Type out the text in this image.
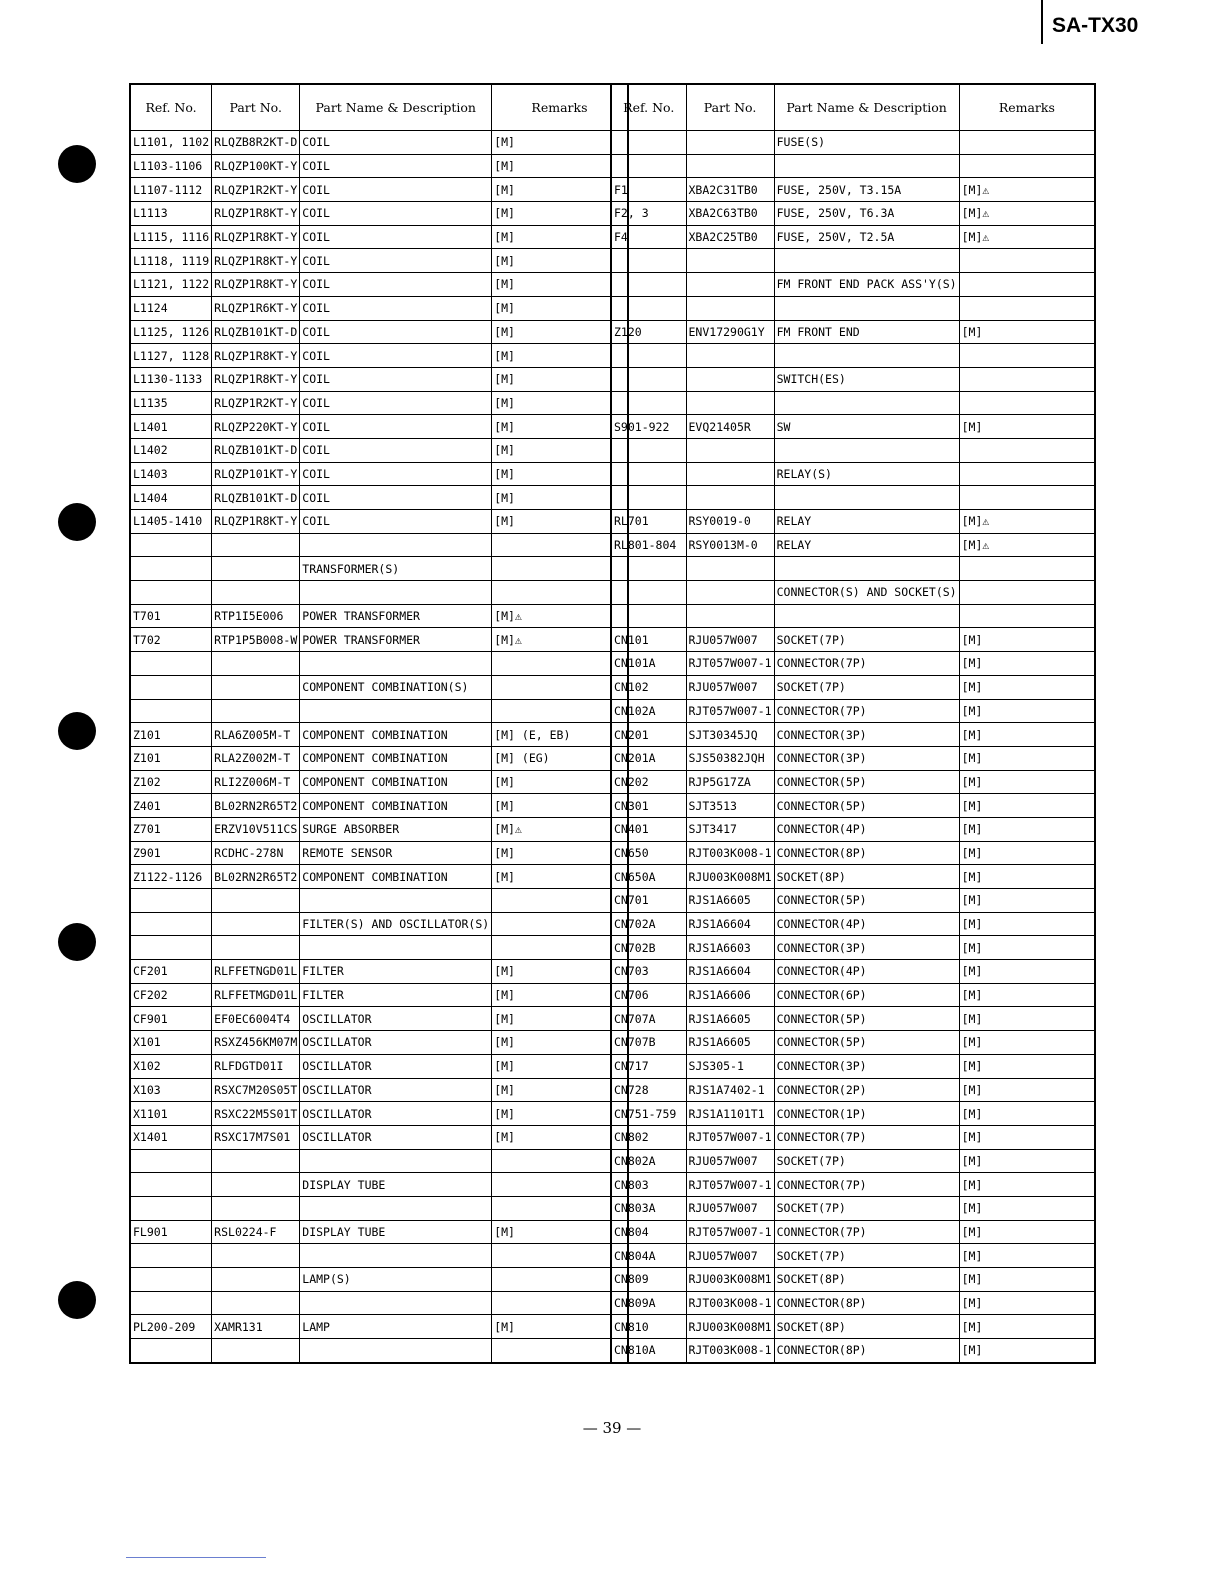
SA-TX30
Ref. No.	Part No.	Part Name & Description	Remarks
L1101, 1102	RLQZB8R2KT-D	COIL	[M]
L1103-1106	RLQZP100KT-Y	COIL	[M]
L1107-1112	RLQZP1R2KT-Y	COIL	[M]
L1113	RLQZP1R8KT-Y	COIL	[M]
L1115, 1116	RLQZP1R8KT-Y	COIL	[M]
L1118, 1119	RLQZP1R8KT-Y	COIL	[M]
L1121, 1122	RLQZP1R8KT-Y	COIL	[M]
L1124	RLQZP1R6KT-Y	COIL	[M]
L1125, 1126	RLQZB101KT-D	COIL	[M]
L1127, 1128	RLQZP1R8KT-Y	COIL	[M]
L1130-1133	RLQZP1R8KT-Y	COIL	[M]
L1135	RLQZP1R2KT-Y	COIL	[M]
L1401	RLQZP220KT-Y	COIL	[M]
L1402	RLQZB101KT-D	COIL	[M]
L1403	RLQZP101KT-Y	COIL	[M]
L1404	RLQZB101KT-D	COIL	[M]
L1405-1410	RLQZP1R8KT-Y	COIL	[M]

		TRANSFORMER(S)	

T701	RTP1I5E006	POWER TRANSFORMER	[M]⚠
T702	RTP1P5B008-W	POWER TRANSFORMER	[M]⚠

		COMPONENT COMBINATION(S)	

Z101	RLA6Z005M-T	COMPONENT COMBINATION	[M] (E, EB)
Z101	RLA2Z002M-T	COMPONENT COMBINATION	[M] (EG)
Z102	RLI2Z006M-T	COMPONENT COMBINATION	[M]
Z401	BL02RN2R65T2	COMPONENT COMBINATION	[M]
Z701	ERZV10V511CS	SURGE ABSORBER	[M]⚠
Z901	RCDHC-278N	REMOTE SENSOR	[M]
Z1122-1126	BL02RN2R65T2	COMPONENT COMBINATION	[M]

		FILTER(S) AND OSCILLATOR(S)	

CF201	RLFFETNGD01L	FILTER	[M]
CF202	RLFFETMGD01L	FILTER	[M]
CF901	EF0EC6004T4	OSCILLATOR	[M]
X101	RSXZ456KM07M	OSCILLATOR	[M]
X102	RLFDGTD01I	OSCILLATOR	[M]
X103	RSXC7M20S05T	OSCILLATOR	[M]
X1101	RSXC22M5S01T	OSCILLATOR	[M]
X1401	RSXC17M7S01	OSCILLATOR	[M]

		DISPLAY TUBE	

FL901	RSL0224-F	DISPLAY TUBE	[M]

		LAMP(S)	

PL200-209	XAMR131	LAMP	[M]

Ref. No.	Part No.	Part Name & Description	Remarks
		FUSE(S)	

F1	XBA2C31TB0	FUSE, 250V, T3.15A	[M]⚠
F2, 3	XBA2C63TB0	FUSE, 250V, T6.3A	[M]⚠
F4	XBA2C25TB0	FUSE, 250V, T2.5A	[M]⚠

		FM FRONT END PACK ASS'Y(S)	

Z120	ENV17290G1Y	FM FRONT END	[M]

		SWITCH(ES)	

S901-922	EVQ21405R	SW	[M]

		RELAY(S)	

RL701	RSY0019-0	RELAY	[M]⚠
RL801-804	RSY0013M-0	RELAY	[M]⚠

		CONNECTOR(S) AND SOCKET(S)	

CN101	RJU057W007	SOCKET(7P)	[M]
CN101A	RJT057W007-1	CONNECTOR(7P)	[M]
CN102	RJU057W007	SOCKET(7P)	[M]
CN102A	RJT057W007-1	CONNECTOR(7P)	[M]
CN201	SJT30345JQ	CONNECTOR(3P)	[M]
CN201A	SJS50382JQH	CONNECTOR(3P)	[M]
CN202	RJP5G17ZA	CONNECTOR(5P)	[M]
CN301	SJT3513	CONNECTOR(5P)	[M]
CN401	SJT3417	CONNECTOR(4P)	[M]
CN650	RJT003K008-1	CONNECTOR(8P)	[M]
CN650A	RJU003K008M1	SOCKET(8P)	[M]
CN701	RJS1A6605	CONNECTOR(5P)	[M]
CN702A	RJS1A6604	CONNECTOR(4P)	[M]
CN702B	RJS1A6603	CONNECTOR(3P)	[M]
CN703	RJS1A6604	CONNECTOR(4P)	[M]
CN706	RJS1A6606	CONNECTOR(6P)	[M]
CN707A	RJS1A6605	CONNECTOR(5P)	[M]
CN707B	RJS1A6605	CONNECTOR(5P)	[M]
CN717	SJS305-1	CONNECTOR(3P)	[M]
CN728	RJS1A7402-1	CONNECTOR(2P)	[M]
CN751-759	RJS1A1101T1	CONNECTOR(1P)	[M]
CN802	RJT057W007-1	CONNECTOR(7P)	[M]
CN802A	RJU057W007	SOCKET(7P)	[M]
CN803	RJT057W007-1	CONNECTOR(7P)	[M]
CN803A	RJU057W007	SOCKET(7P)	[M]
CN804	RJT057W007-1	CONNECTOR(7P)	[M]
CN804A	RJU057W007	SOCKET(7P)	[M]
CN809	RJU003K008M1	SOCKET(8P)	[M]
CN809A	RJT003K008-1	CONNECTOR(8P)	[M]
CN810	RJU003K008M1	SOCKET(8P)	[M]
CN810A	RJT003K008-1	CONNECTOR(8P)	[M]
— 39 —
